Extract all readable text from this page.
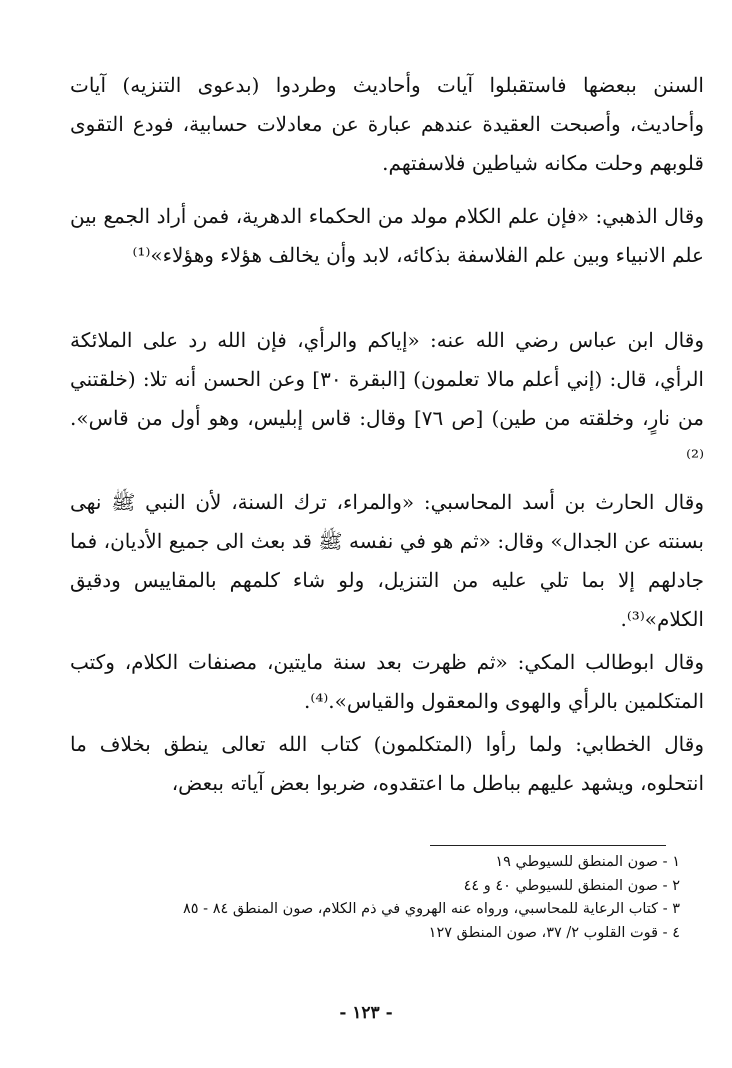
السنن ببعضها فاستقبلوا آيات وأحاديث وطردوا (بدعوى التنزيه) آيات وأحاديث، وأصبحت العقيدة عندهم عبارة عن معادلات حسابية، فودع التقوى قلوبهم وحلت مكانه شياطين فلاسفتهم.

وقال الذهبي: «فإن علم الكلام مولد من الحكماء الدهرية، فمن أراد الجمع بين علم الانبياء وبين علم الفلاسفة بذكائه، لابد وأن يخالف هؤلاء وهؤلاء»⁽¹⁾

وقال ابن عباس رضي الله عنه: «إياكم والرأي، فإن الله رد على الملائكة الرأي، قال: (إني أعلم مالا تعلمون) [البقرة ٣٠] وعن الحسن أنه تلا: (خلقتني من نارٍ، وخلقته من طين) [ص ٧٦] وقال: قاس إبليس، وهو أول من قاس». ⁽²⁾

وقال الحارث بن أسد المحاسبي: «والمراء، ترك السنة، لأن النبي ﷺ نهى بسنته عن الجدال» وقال: «ثم هو في نفسه ﷺ قد بعث الى جميع الأديان، فما جادلهم إلا بما تلي عليه من التنزيل، ولو شاء كلمهم بالمقاييس ودقيق الكلام»⁽³⁾.

وقال ابوطالب المكي: «ثم ظهرت بعد سنة مايتين، مصنفات الكلام، وكتب المتكلمين بالرأي والهوى والمعقول والقياس».⁽⁴⁾.

وقال الخطابي: ولما رأوا (المتكلمون) كتاب الله تعالى ينطق بخلاف ما انتحلوه، ويشهد عليهم بباطل ما اعتقدوه، ضربوا بعض آياته ببعض،

١ - صون المنطق للسيوطي ١٩
٢ - صون المنطق للسيوطي ٤٠ و ٤٤
٣ - كتاب الرعاية للمحاسبي، ورواه عنه الهروي في ذم الكلام، صون المنطق ٨٤ - ٨٥
٤ - قوت القلوب ٢/ ٣٧، صون المنطق ١٢٧
- ١٢٣ -
